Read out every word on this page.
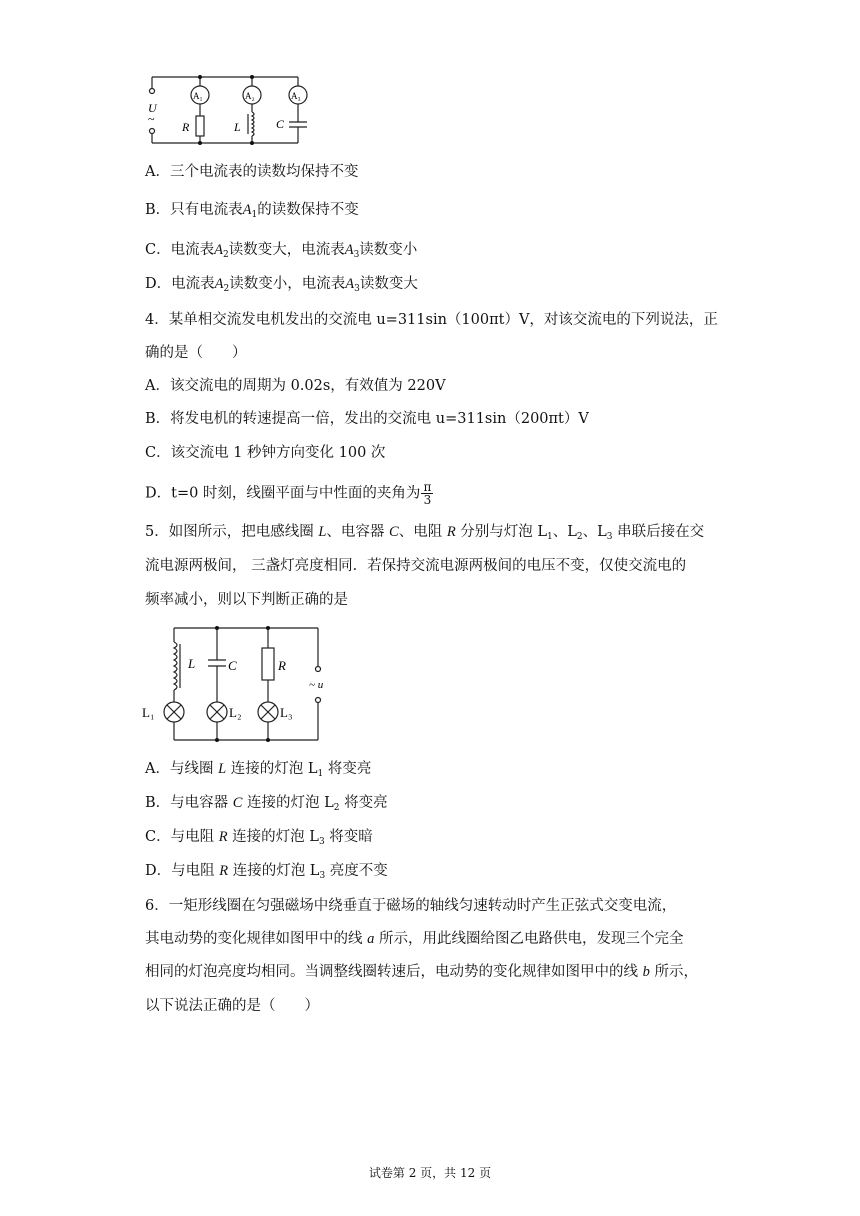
U
~
A₁	A₂	A₃
R	L	C
A．三个电流表的读数均保持不变
B．只有电流表$A_1$的读数保持不变
C．电流表$A_2$读数变大，电流表$A_3$读数变小
D．电流表$A_2$读数变小，电流表$A_3$读数变大
4．某单相交流发电机发出的交流电 u=311sin（100πt）V，对该交流电的下列说法，正
确的是（　　）
A．该交流电的周期为 0.02s，有效值为 220V
B．将发电机的转速提高一倍，发出的交流电 u=311sin（200πt）V
C．该交流电 1 秒钟方向变化 100 次
D．t=0 时刻，线圈平面与中性面的夹角为 $\frac{\pi}{3}$
5．如图所示，把电感线圈 L、电容器 C、电阻 R 分别与灯泡 $L_1$、$L_2$、$L_3$ 串联后接在交
流电源两极间， 三盏灯亮度相同．若保持交流电源两极间的电压不变，仅使交流电的
频率减小，则以下判断正确的是
L	C	R
~ u
L₁	L₂	L₃
A．与线圈 L 连接的灯泡 $L_1$ 将变亮
B．与电容器 C 连接的灯泡 $L_2$ 将变亮
C．与电阻 R 连接的灯泡 $L_3$ 将变暗
D．与电阻 R 连接的灯泡 $L_3$ 亮度不变
6．一矩形线圈在匀强磁场中绕垂直于磁场的轴线匀速转动时产生正弦式交变电流，
其电动势的变化规律如图甲中的线 a 所示，用此线圈给图乙电路供电，发现三个完全
相同的灯泡亮度均相同。当调整线圈转速后，电动势的变化规律如图甲中的线 b 所示，
以下说法正确的是（　　）
试卷第 2 页，共 12 页
